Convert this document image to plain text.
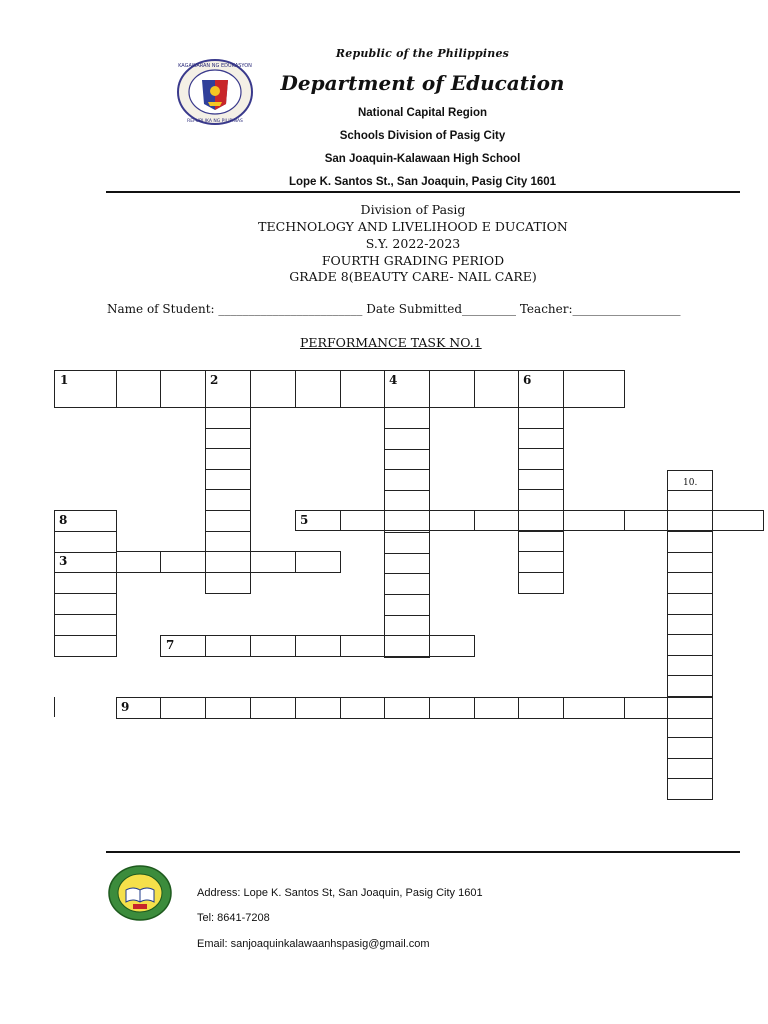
KAGAWARAN NG EDUKASYON
REPUBLIKA NG PILIPINAS
Republic of the Philippines
Department of Education
National Capital Region
Schools Division of Pasig City
San Joaquin-Kalawaan High School
Lope K. Santos St., San Joaquin, Pasig City 1601
Division of Pasig
TECHNOLOGY AND LIVELIHOOD E DUCATION
S.Y. 2022-2023
FOURTH GRADING PERIOD
GRADE 8(BEAUTY CARE- NAIL CARE)
Name of Student: ________________________ Date Submitted_________ Teacher:__________________
PERFORMANCE TASK NO.1
1	2	4	6
10.
8	5
3
7
9
Address: Lope K. Santos St, San Joaquin, Pasig City 1601
Tel: 8641-7208
Email: sanjoaquinkalawaanhspasig@gmail.com
